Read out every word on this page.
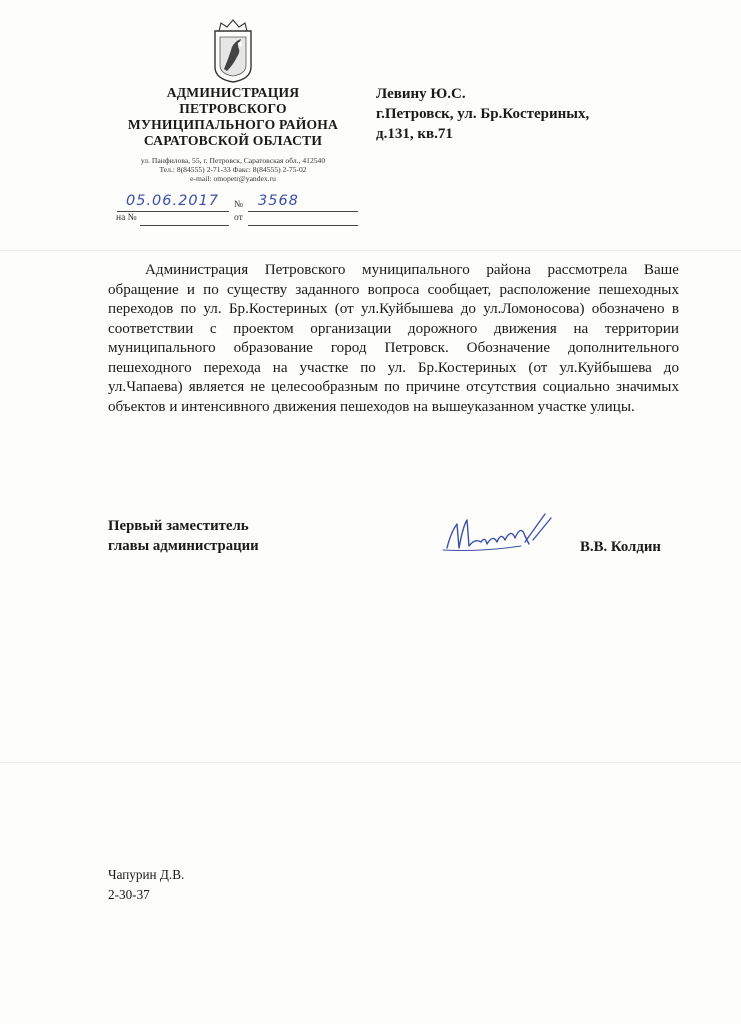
АДМИНИСТРАЦИЯ
ПЕТРОВСКОГО
МУНИЦИПАЛЬНОГО РАЙОНА
САРАТОВСКОЙ ОБЛАСТИ
ул. Панфилова, 55, г. Петровск, Саратовская обл., 412540
Тел.: 8(84555) 2-71-33 Факс: 8(84555) 2-75-02
e-mail: omopetr@yandex.ru
05.06.2017 № 3568
на №	от
Левину Ю.С.
г.Петровск, ул. Бр.Костериных,
д.131, кв.71

Администрация Петровского муниципального района рассмотрела Ваше обращение и по существу заданного вопроса сообщает, расположение пешеходных переходов по ул. Бр.Костериных (от ул.Куйбышева до ул.Ломоносова) обозначено в соответствии с проектом организации дорожного движения на территории муниципального образование город Петровск. Обозначение дополнительного пешеходного перехода на участке по ул. Бр.Костериных (от ул.Куйбышева до ул.Чапаева) является не целесообразным по причине отсутствия социально значимых объектов и интенсивного движения пешеходов на вышеуказанном участке улицы.

Первый заместитель
главы администрации	В.В. Колдин
Чапурин Д.В.
2-30-37
